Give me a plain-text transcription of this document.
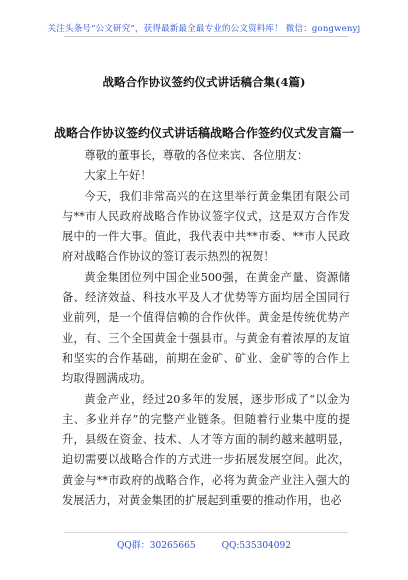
关注头条号“公文研究”，获得最新最全最专业的公文资料库！ 微信：gongwenyj
战略合作协议签约仪式讲话稿合集(4篇)
战略合作协议签约仪式讲话稿战略合作签约仪式发言篇一

尊敬的董事长，尊敬的各位来宾、各位朋友：

大家上午好！

今天，我们非常高兴的在这里举行黄金集团有限公司与**市人民政府战略合作协议签字仪式，这是双方合作发展中的一件大事。值此，我代表中共**市委、**市人民政府对战略合作协议的签订表示热烈的祝贺！

黄金集团位列中国企业500强，在黄金产量、资源储备、经济效益、科技水平及人才优势等方面均居全国同行业前列，是一个值得信赖的合作伙伴。黄金是传统优势产业，有、三个全国黄金十强县市。与黄金有着浓厚的友谊和坚实的合作基础，前期在金矿、矿业、金矿等的合作上均取得圆满成功。

黄金产业，经过20多年的发展，逐步形成了“以金为主、多业并存”的完整产业链条。但随着行业集中度的提升，县级在资金、技术、人才等方面的制约越来越明显，迫切需要以战略合作的方式进一步拓展发展空间。此次，黄金与**市政府的战略合作，必将为黄金产业注入强大的发展活力，对黄金集团的扩展起到重要的推动作用，也必

QQ群：30265665	QQ:535304092
